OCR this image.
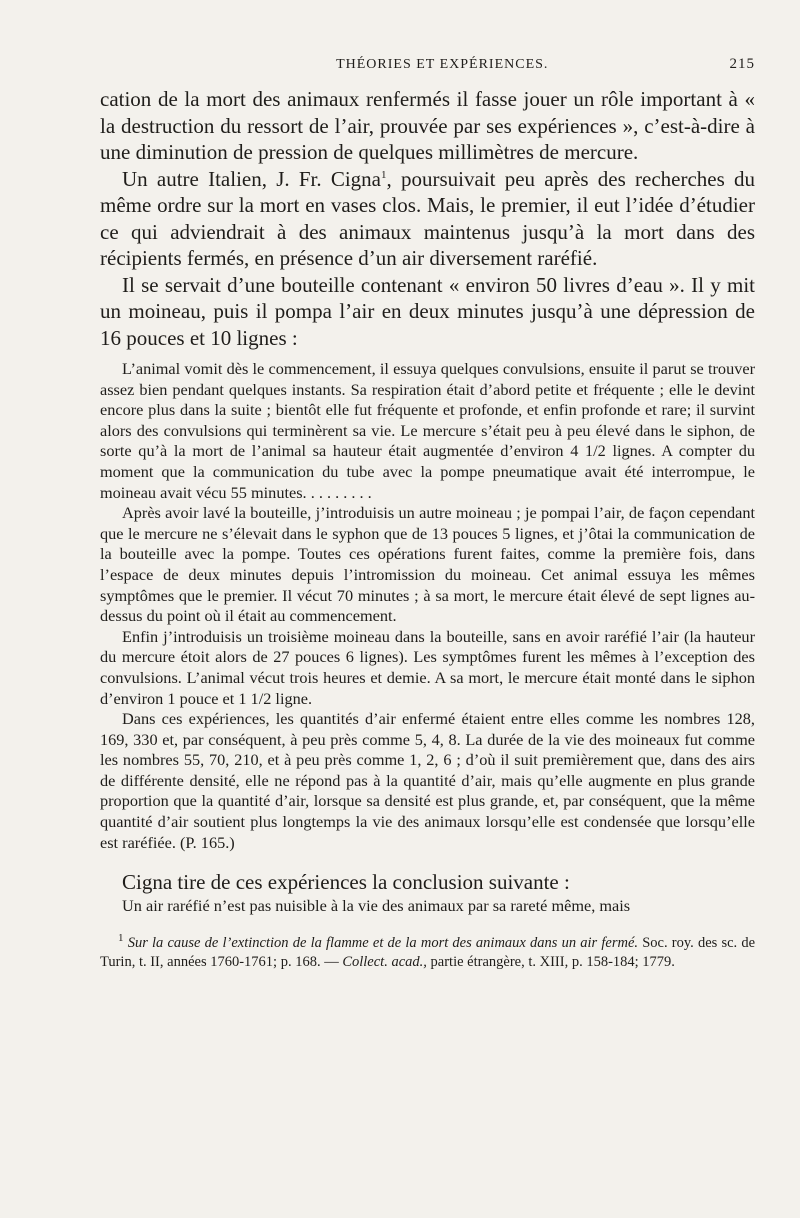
THÉORIES ET EXPÉRIENCES.	215

cation de la mort des animaux renfermés il fasse jouer un rôle important à « la destruction du ressort de l’air, prouvée par ses expériences », c’est-à-dire à une diminution de pression de quelques millimètres de mercure.

Un autre Italien, J. Fr. Cigna$^1$, poursuivait peu après des recherches du même ordre sur la mort en vases clos. Mais, le premier, il eut l’idée d’étudier ce qui adviendrait à des animaux maintenus jusqu’à la mort dans des récipients fermés, en présence d’un air diversement raréfié.

Il se servait d’une bouteille contenant « environ 50 livres d’eau ». Il y mit un moineau, puis il pompa l’air en deux minutes jusqu’à une dépression de 16 pouces et 10 lignes :

L’animal vomit dès le commencement, il essuya quelques convulsions, ensuite il parut se trouver assez bien pendant quelques instants. Sa respiration était d’abord petite et fréquente ; elle le devint encore plus dans la suite ; bientôt elle fut fréquente et profonde, et enfin profonde et rare; il survint alors des convulsions qui terminèrent sa vie. Le mercure s’était peu à peu élevé dans le siphon, de sorte qu’à la mort de l’animal sa hauteur était augmentée d’environ 4 1/2 lignes. A compter du moment que la communication du tube avec la pompe pneumatique avait été interrompue, le moineau avait vécu 55 minutes. . . . . . . . .

Après avoir lavé la bouteille, j’introduisis un autre moineau ; je pompai l’air, de façon cependant que le mercure ne s’élevait dans le syphon que de 13 pouces 5 lignes, et j’ôtai la communication de la bouteille avec la pompe. Toutes ces opérations furent faites, comme la première fois, dans l’espace de deux minutes depuis l’intromission du moineau. Cet animal essuya les mêmes symptômes que le premier. Il vécut 70 minutes ; à sa mort, le mercure était élevé de sept lignes au-dessus du point où il était au commencement.

Enfin j’introduisis un troisième moineau dans la bouteille, sans en avoir raréfié l’air (la hauteur du mercure étoit alors de 27 pouces 6 lignes). Les symptômes furent les mêmes à l’exception des convulsions. L’animal vécut trois heures et demie. A sa mort, le mercure était monté dans le siphon d’environ 1 pouce et 1 1/2 ligne.

Dans ces expériences, les quantités d’air enfermé étaient entre elles comme les nombres 128, 169, 330 et, par conséquent, à peu près comme 5, 4, 8. La durée de la vie des moineaux fut comme les nombres 55, 70, 210, et à peu près comme 1, 2, 6 ; d’où il suit premièrement que, dans des airs de différente densité, elle ne répond pas à la quantité d’air, mais qu’elle augmente en plus grande proportion que la quantité d’air, lorsque sa densité est plus grande, et, par conséquent, que la même quantité d’air soutient plus longtemps la vie des animaux lorsqu’elle est condensée que lorsqu’elle est raréfiée. (P. 165.)

Cigna tire de ces expériences la conclusion suivante :

Un air raréfié n’est pas nuisible à la vie des animaux par sa rareté même, mais

$^1$ Sur la cause de l’extinction de la flamme et de la mort des animaux dans un air fermé. Soc. roy. des sc. de Turin, t. II, années 1760-1761; p. 168. — Collect. acad., partie étrangère, t. XIII, p. 158-184; 1779.
